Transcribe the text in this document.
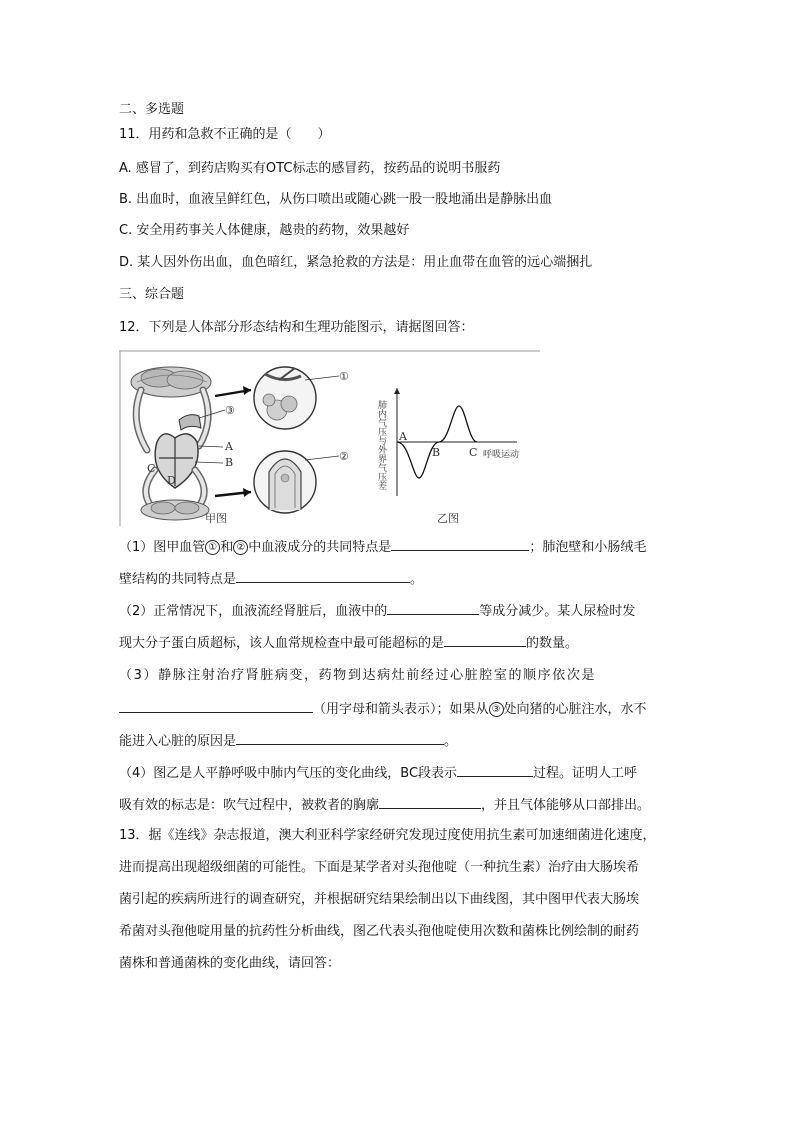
二、多选题
11．用药和急救不正确的是（　　）
A. 感冒了，到药店购买有OTC标志的感冒药，按药品的说明书服药
B. 出血时，血液呈鲜红色，从伤口喷出或随心跳一股一股地涌出是静脉出血
C. 安全用药事关人体健康，越贵的药物，效果越好
D. 某人因外伤出血，血色暗红，紧急抢救的方法是：用止血带在血管的远心端捆扎
三、综合题
12．下列是人体部分形态结构和生理功能图示，请据图回答：
A
B
C
D
③
①
②
甲图
A
B	C 呼吸运动
肺内气压与外界气压差
乙图
（1）图甲血管 ① 和 ② 中血液成分的共同特点是	；肺泡壁和小肠绒毛
壁结构的共同特点是	。
（2）正常情况下，血液流经肾脏后，血液中的	等成分减少。某人尿检时发
现大分子蛋白质超标，该人血常规检查中最可能超标的是	的数量。
（3）静脉注射治疗肾脏病变，药物到达病灶前经过心脏腔室的顺序依次是
（用字母和箭头表示）；如果从 ③ 处向猪的心脏注水，水不
能进入心脏的原因是	。
（4）图乙是人平静呼吸中肺内气压的变化曲线，BC段表示	过程。证明人工呼
吸有效的标志是：吹气过程中，被救者的胸廓	，并且气体能够从口部排出。
13．据《连线》杂志报道，澳大利亚科学家经研究发现过度使用抗生素可加速细菌进化速度，
进而提高出现超级细菌的可能性。下面是某学者对头孢他啶（一种抗生素）治疗由大肠埃希
菌引起的疾病所进行的调查研究，并根据研究结果绘制出以下曲线图，其中图甲代表大肠埃
希菌对头孢他啶用量的抗药性分析曲线，图乙代表头孢他啶使用次数和菌株比例绘制的耐药
菌株和普通菌株的变化曲线，请回答：
